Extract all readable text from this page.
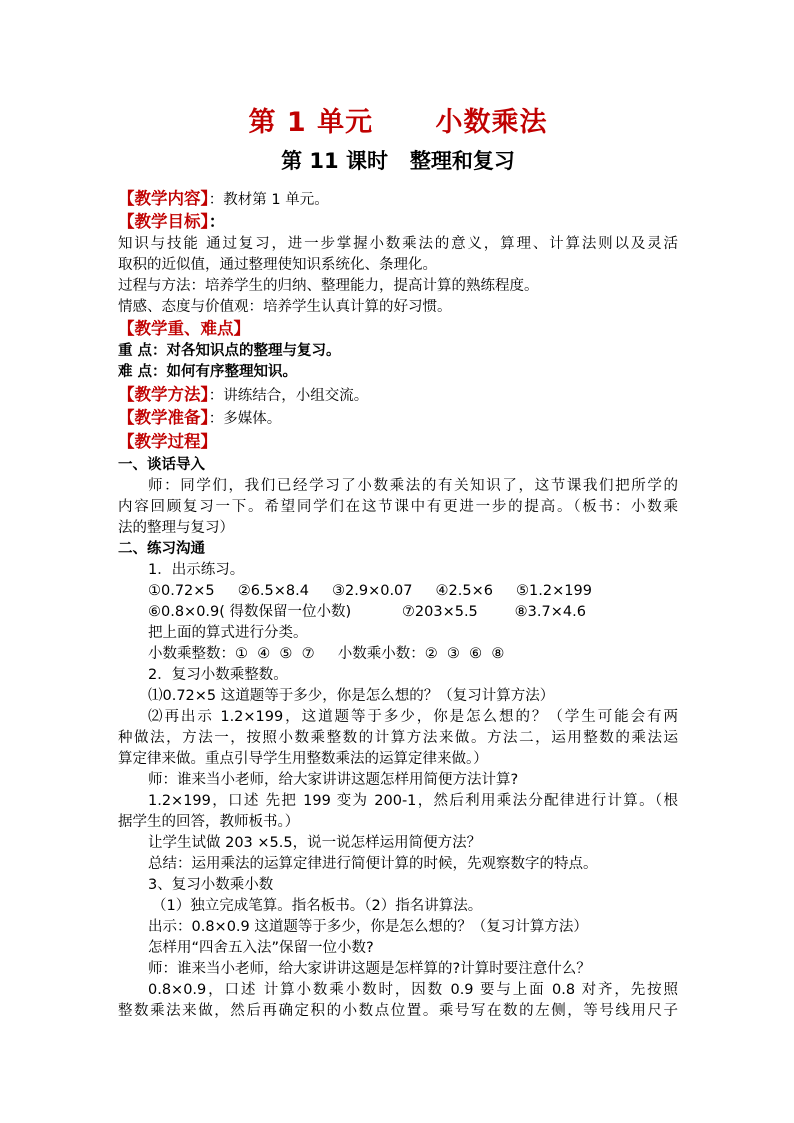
第 1 单元      小数乘法
第 11 课时   整理和复习
【教学内容】：教材第 1 单元。
【教学目标】：
知识与技能 通过复习，进一步掌握小数乘法的意义，算理、计算法则以及灵活
取积的近似值，通过整理使知识系统化、条理化。
过程与方法：培养学生的归纳、整理能力，提高计算的熟练程度。
情感、态度与价值观：培养学生认真计算的好习惯。
【教学重、难点】
重 点：对各知识点的整理与复习。
难 点：如何有序整理知识。
【教学方法】：讲练结合，小组交流。
【教学准备】：多媒体。
【教学过程】
一、谈话导入
师：同学们，我们已经学习了小数乘法的有关知识了，这节课我们把所学的
内容回顾复习一下。希望同学们在这节课中有更进一步的提高。（板书：小数乘
法的整理与复习）
二、练习沟通
1．出示练习。
①0.72×5     ②6.5×8.4     ③2.9×0.07     ④2.5×6     ⑤1.2×199
⑥0.8×0.9( 得数保留一位小数)           ⑦203×5.5        ⑧3.7×4.6
把上面的算式进行分类。
小数乘整数：①  ④  ⑤  ⑦     小数乘小数：②  ③  ⑥  ⑧
2．复习小数乘整数。
⑴0.72×5 这道题等于多少，你是怎么想的？（复习计算方法）
⑵再出示 1.2×199，这道题等于多少，你是怎么想的？（学生可能会有两
种做法，方法一，按照小数乘整数的计算方法来做。方法二，运用整数的乘法运
算定律来做。重点引导学生用整数乘法的运算定律来做。）
师：谁来当小老师，给大家讲讲这题怎样用简便方法计算?
1.2×199，口述 先把 199 变为 200-1，然后利用乘法分配律进行计算。（根
据学生的回答，教师板书。）
让学生试做 203 ×5.5，说一说怎样运用简便方法？
总结：运用乘法的运算定律进行简便计算的时候，先观察数字的特点。
3、复习小数乘小数
（1）独立完成笔算。指名板书。（2）指名讲算法。
出示：0.8×0.9 这道题等于多少，你是怎么想的？（复习计算方法）
怎样用“四舍五入法”保留一位小数?
师：谁来当小老师，给大家讲讲这题是怎样算的?计算时要注意什么？
0.8×0.9，口述 计算小数乘小数时，因数 0.9 要与上面 0.8 对齐，先按照
整数乘法来做，然后再确定积的小数点位置。乘号写在数的左侧，等号线用尺子
